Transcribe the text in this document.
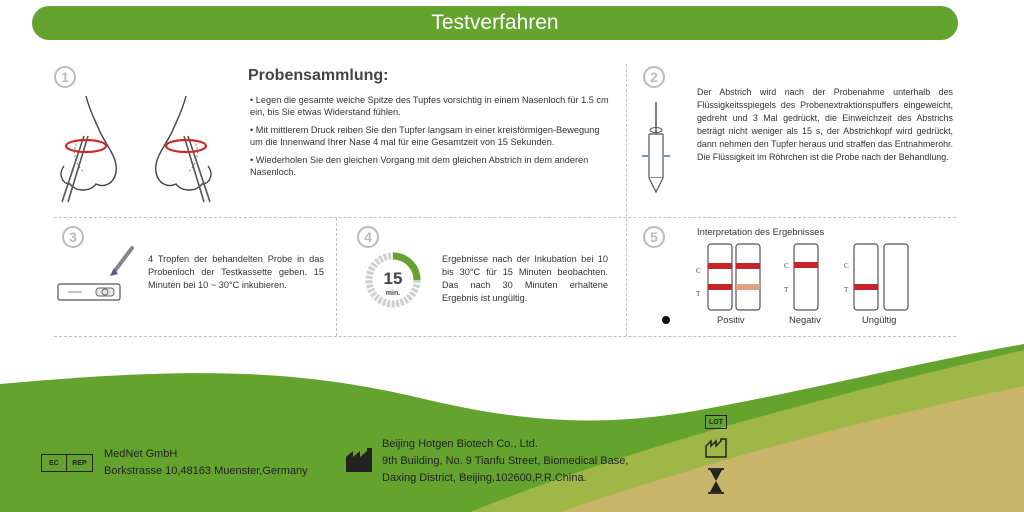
Testverfahren
1	2
3	4	5
Probensammlung:

• Legen die gesamte weiche Spitze des Tupfes vorsichtig in einem Nasenloch für 1.5 cm ein, bis Sie etwas Widerstand fühlen.

• Mit mittlerem Druck reiben Sie den Tupfer langsam in einer kreisförmigen-Bewegung um die Innenwand Ihrer Nase 4 mal für eine Gesamtzeit von 15 Sekunden.

• Wiederholen Sie den gleichen Vorgang mit dem gleichen Abstrich in dem anderen Nasenloch.

Der Abstrich wird nach der Probenahme unterhalb des Flüssigkeitsspiegels des Probenextraktionspuffers eingeweicht, gedreht und 3 Mal gedrückt, die Einweichzeit des Abstrichs beträgt nicht weniger als 15 s, der Abstrichkopf wird gedrückt, dann nehmen den Tupfer heraus und straffen das Entnahmerohr. Die Flüssigkeit im Röhrchen ist die Probe nach der Behandlung.
4 Tropfen der behandelten Probe in das Probenloch der Testkassette geben. 15 Minuten bei 10 ~ 30°C inkubieren.	15
min.
Ergebnisse nach der Inkubation bei 10 bis 30°C für 15 Minuten beobachten. Das nach 30 Minuten erhaltene Ergebnis ist ungültig.
Interpretation des Ergebnisses
C
T
C
T
C
T
Positiv	Negativ	Ungültig
EC	REP
MedNet GmbH
Borkstrasse 10,48163 Muenster,Germany
Beijing Hotgen Biotech Co., Ltd.
9th Building, No. 9 Tianfu Street, Biomedical Base,
Daxing District, Beijing,102600,P.R.China.
LOT
